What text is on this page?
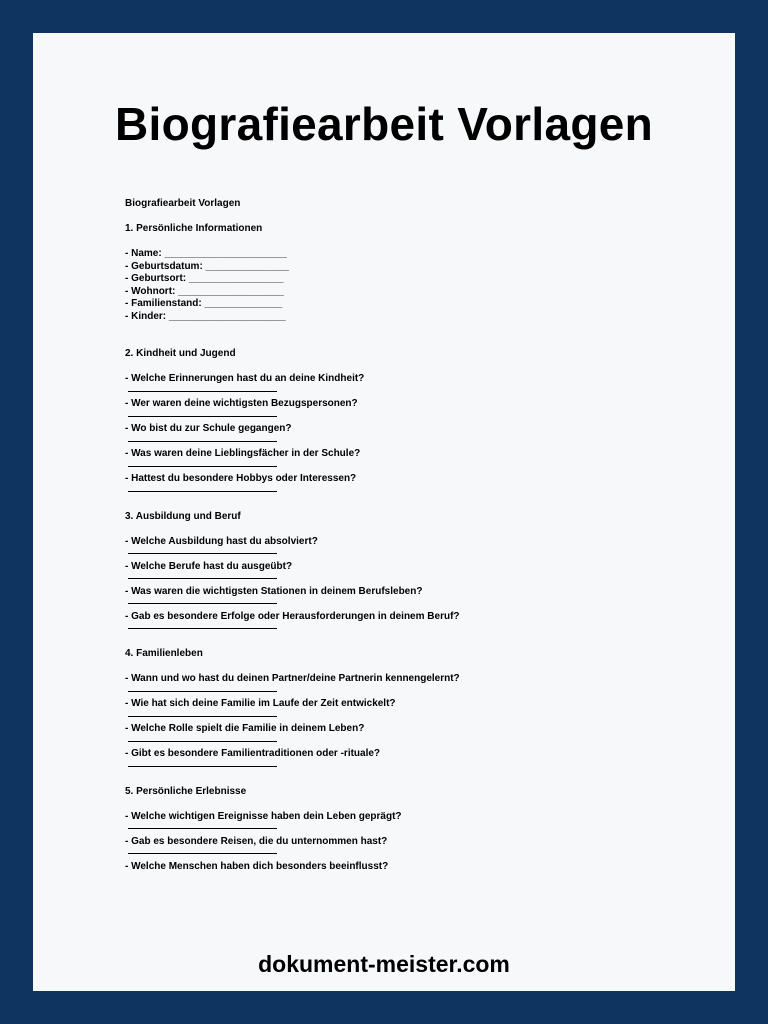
Biografiearbeit Vorlagen
Biografiearbeit Vorlagen
1. Persönliche Informationen
- Name: ______________________
- Geburtsdatum: _______________
- Geburtsort: _________________
- Wohnort: ___________________
- Familienstand: ______________
- Kinder: _____________________
2. Kindheit und Jugend
- Welche Erinnerungen hast du an deine Kindheit?
- Wer waren deine wichtigsten Bezugspersonen?
- Wo bist du zur Schule gegangen?
- Was waren deine Lieblingsfächer in der Schule?
- Hattest du besondere Hobbys oder Interessen?
3. Ausbildung und Beruf
- Welche Ausbildung hast du absolviert?
- Welche Berufe hast du ausgeübt?
- Was waren die wichtigsten Stationen in deinem Berufsleben?
- Gab es besondere Erfolge oder Herausforderungen in deinem Beruf?
4. Familienleben
- Wann und wo hast du deinen Partner/deine Partnerin kennengelernt?
- Wie hat sich deine Familie im Laufe der Zeit entwickelt?
- Welche Rolle spielt die Familie in deinem Leben?
- Gibt es besondere Familientraditionen oder -rituale?
5. Persönliche Erlebnisse
- Welche wichtigen Ereignisse haben dein Leben geprägt?
- Gab es besondere Reisen, die du unternommen hast?
- Welche Menschen haben dich besonders beeinflusst?
dokument-meister.com
